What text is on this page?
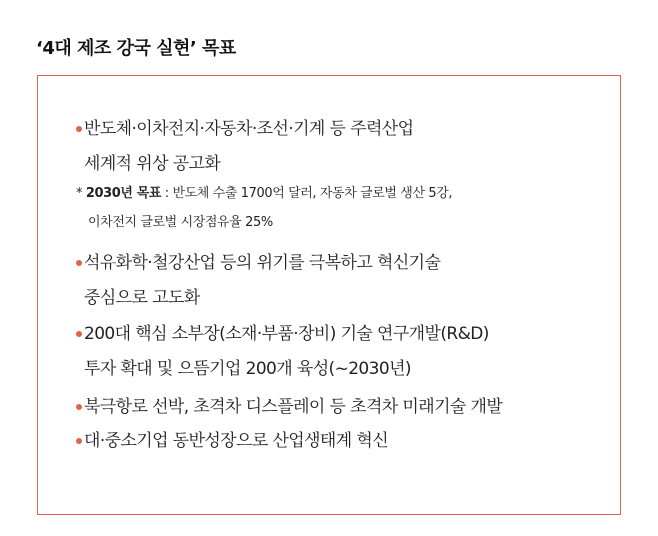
‘4대 제조 강국 실현’ 목표
반도체·이차전지·자동차·조선·기계 등 주력산업
세계적 위상 공고화
* 2030년 목표 : 반도체 수출 1700억 달러, 자동차 글로벌 생산 5강,
이차전지 글로벌 시장점유율 25%
석유화학·철강산업 등의 위기를 극복하고 혁신기술
중심으로 고도화
200대 핵심 소부장(소재·부품·장비) 기술 연구개발(R&D)
투자 확대 및 으뜸기업 200개 육성(~2030년)
북극항로 선박, 초격차 디스플레이 등 초격차 미래기술 개발
대·중소기업 동반성장으로 산업생태계 혁신
